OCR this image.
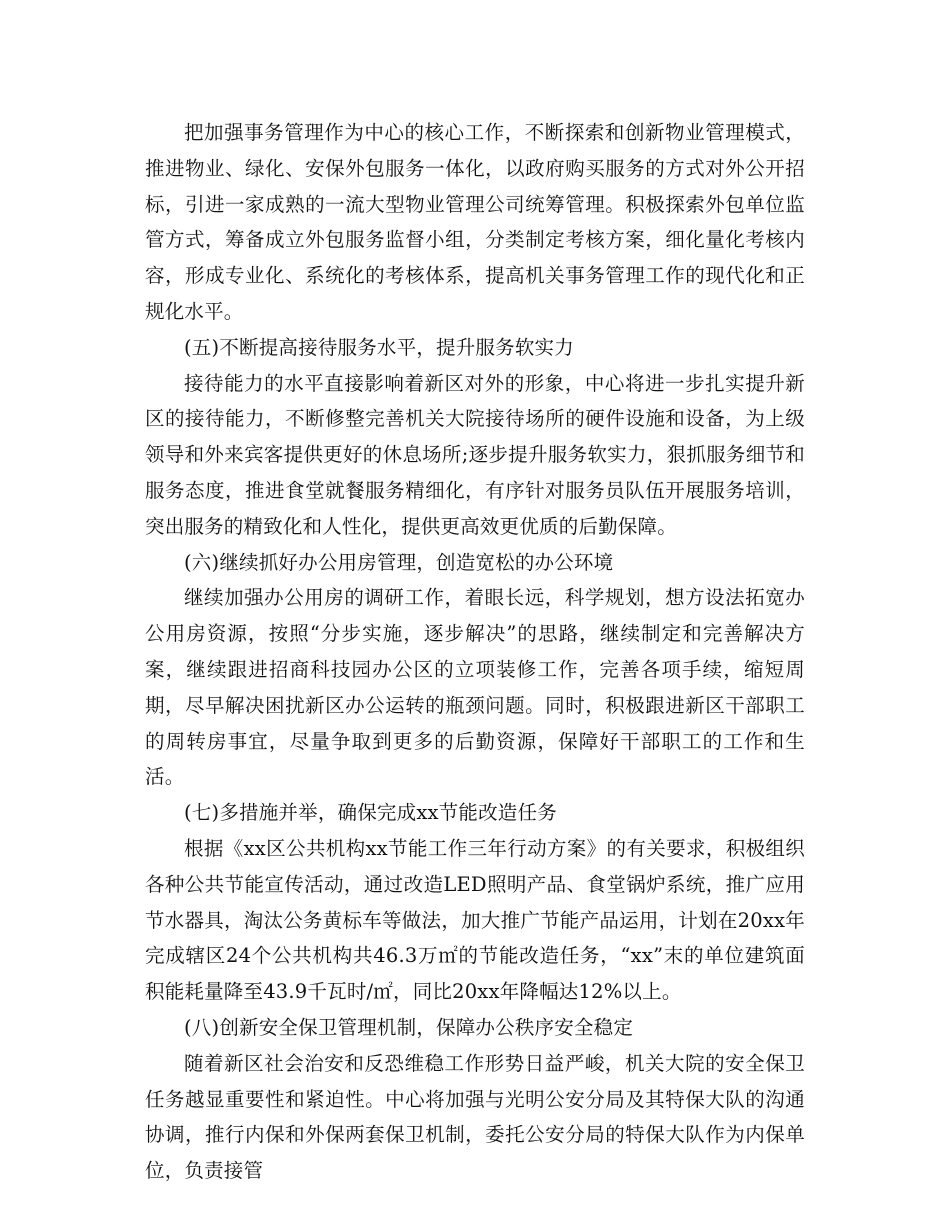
把加强事务管理作为中心的核心工作，不断探索和创新物业管理模式，推进物业、绿化、安保外包服务一体化，以政府购买服务的方式对外公开招标，引进一家成熟的一流大型物业管理公司统筹管理。积极探索外包单位监管方式，筹备成立外包服务监督小组，分类制定考核方案，细化量化考核内容，形成专业化、系统化的考核体系，提高机关事务管理工作的现代化和正规化水平。

(五)不断提高接待服务水平，提升服务软实力

接待能力的水平直接影响着新区对外的形象，中心将进一步扎实提升新区的接待能力，不断修整完善机关大院接待场所的硬件设施和设备，为上级领导和外来宾客提供更好的休息场所;逐步提升服务软实力，狠抓服务细节和服务态度，推进食堂就餐服务精细化，有序针对服务员队伍开展服务培训，突出服务的精致化和人性化，提供更高效更优质的后勤保障。

(六)继续抓好办公用房管理，创造宽松的办公环境

继续加强办公用房的调研工作，着眼长远，科学规划，想方设法拓宽办公用房资源，按照“分步实施，逐步解决”的思路，继续制定和完善解决方案，继续跟进招商科技园办公区的立项装修工作，完善各项手续，缩短周期，尽早解决困扰新区办公运转的瓶颈问题。同时，积极跟进新区干部职工的周转房事宜，尽量争取到更多的后勤资源，保障好干部职工的工作和生活。

(七)多措施并举，确保完成xx节能改造任务

根据《xx区公共机构xx节能工作三年行动方案》的有关要求，积极组织各种公共节能宣传活动，通过改造LED照明产品、食堂锅炉系统，推广应用节水器具，淘汰公务黄标车等做法，加大推广节能产品运用，计划在20xx年完成辖区24个公共机构共46.3万㎡的节能改造任务，“xx”末的单位建筑面积能耗量降至43.9千瓦时/㎡，同比20xx年降幅达12%以上。

(八)创新安全保卫管理机制，保障办公秩序安全稳定

随着新区社会治安和反恐维稳工作形势日益严峻，机关大院的安全保卫任务越显重要性和紧迫性。中心将加强与光明公安分局及其特保大队的沟通协调，推行内保和外保两套保卫机制，委托公安分局的特保大队作为内保单位，负责接管
